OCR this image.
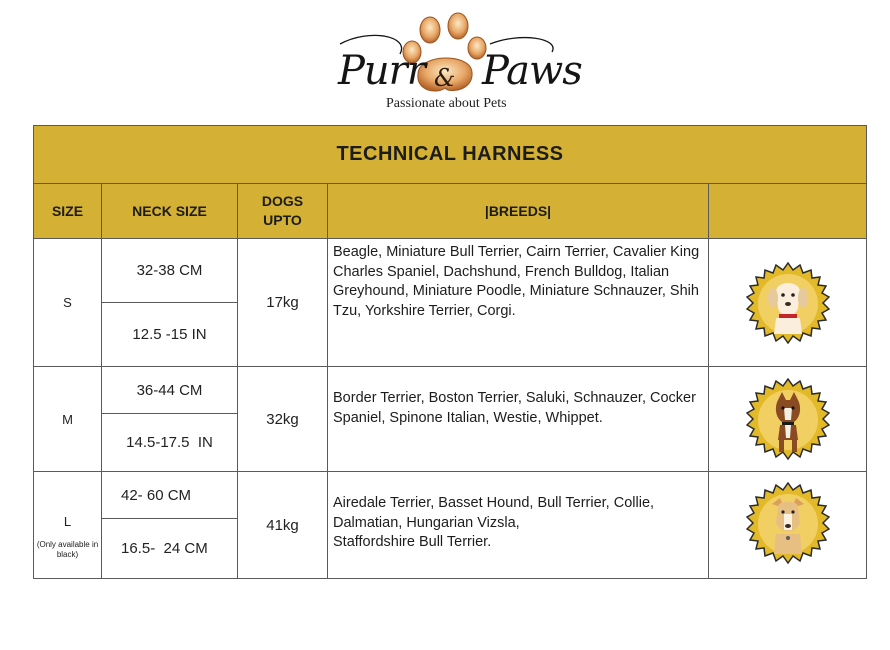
Purr & Paws
Passionate about Pets
TECHNICAL HARNESS
SIZE	NECK SIZE
DOGS
UPTO
|BREEDS|
S
32-38 CM
12.5 -15 IN
17kg
Beagle, Miniature Bull Terrier, Cairn Terrier, Cavalier King Charles Spaniel, Dachshund, French Bulldog, Italian Greyhound, Miniature Poodle, Miniature Schnauzer, Shih Tzu, Yorkshire Terrier, Corgi.
M
36-44 CM
14.5-17.5  IN
32kg
Border Terrier, Boston Terrier, Saluki, Schnauzer, Cocker Spaniel, Spinone Italian, Westie, Whippet.
L
(Only available in black)
42- 60 CM
16.5-  24 CM
41kg
Airedale Terrier, Basset Hound, Bull Terrier, Collie, Dalmatian, Hungarian Vizsla,
Staffordshire Bull Terrier.
